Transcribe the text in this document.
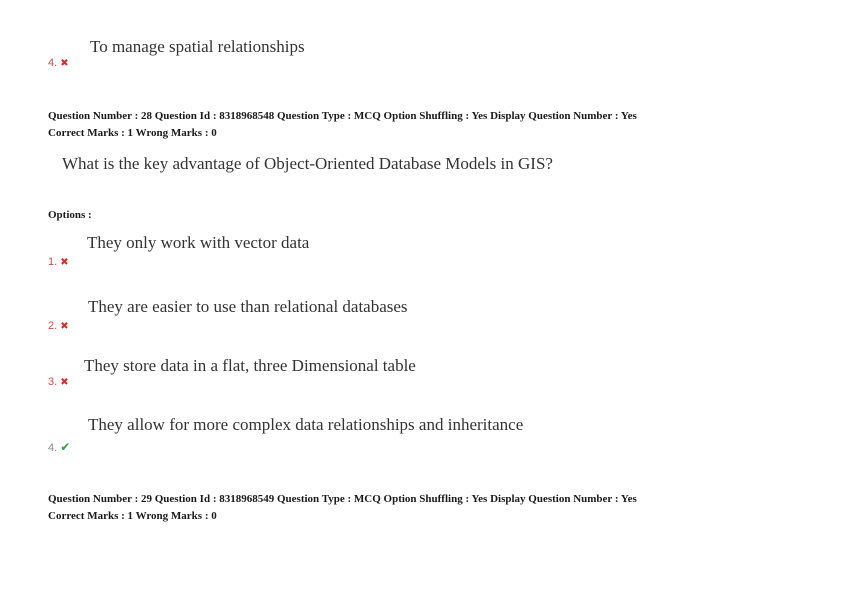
To manage spatial relationships
4. ✖
Question Number : 28 Question Id : 8318968548 Question Type : MCQ Option Shuffling : Yes Display Question Number : Yes
Correct Marks : 1 Wrong Marks : 0
What is the key advantage of Object-Oriented Database Models in GIS?
Options :
They only work with vector data
1. ✖
They are easier to use than relational databases
2. ✖
They store data in a flat, three Dimensional table
3. ✖
They allow for more complex data relationships and inheritance
4. ✔
Question Number : 29 Question Id : 8318968549 Question Type : MCQ Option Shuffling : Yes Display Question Number : Yes
Correct Marks : 1 Wrong Marks : 0
